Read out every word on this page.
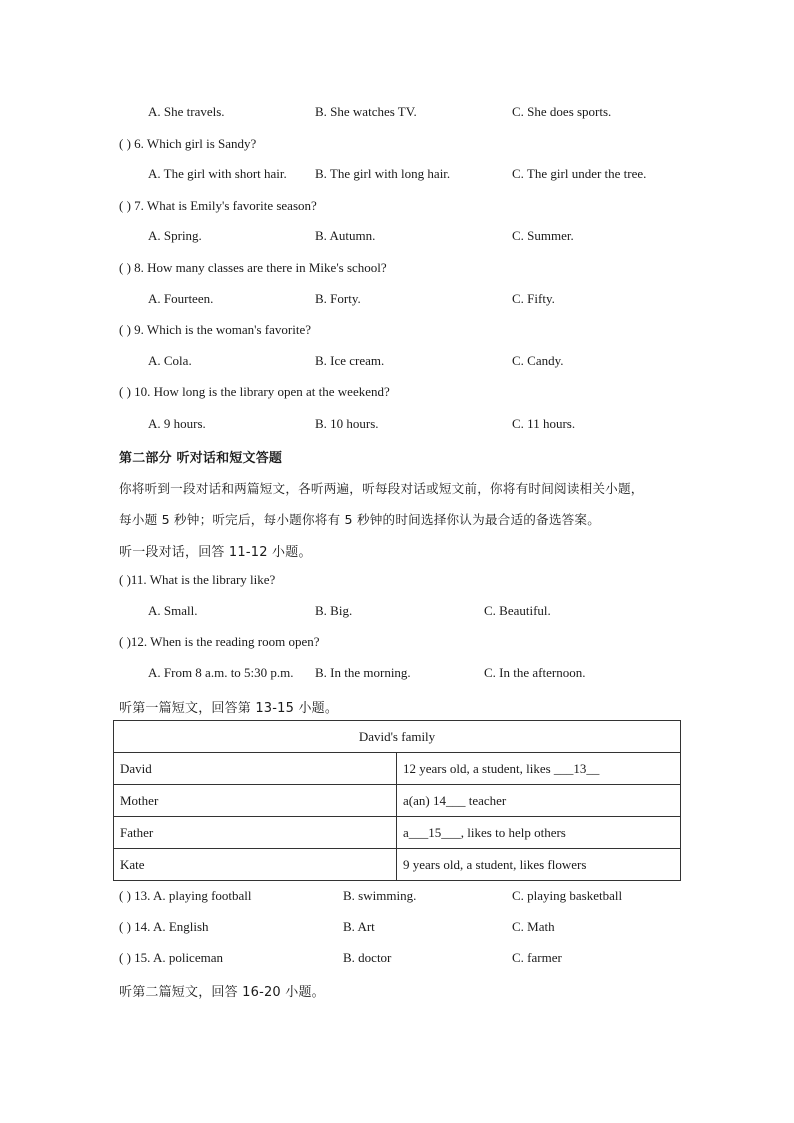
A. She travels.	B. She watches TV.	C. She does sports.
( ) 6. Which girl is Sandy?
A. The girl with short hair. B. The girl with long hair.	C. The girl under the tree.
( ) 7. What is Emily's favorite season?
A. Spring.	B. Autumn.	C. Summer.
( ) 8. How many classes are there in Mike's school?
A. Fourteen.	B. Forty.	C. Fifty.
( ) 9. Which is the woman's favorite?
A. Cola.	B. Ice cream.	C. Candy.
( ) 10. How long is the library open at the weekend?
A. 9 hours.	B. 10 hours.	C. 11 hours.
第二部分 听对话和短文答题
你将听到一段对话和两篇短文，各听两遍，听每段对话或短文前，你将有时间阅读相关小题，
每小题 5 秒钟；听完后，每小题你将有 5 秒钟的时间选择你认为最合适的备选答案。
听一段对话，回答 11-12 小题。
( )11. What is the library like?
A. Small.	B. Big.	C. Beautiful.
( )12. When is the reading room open?
A. From 8 a.m. to 5:30 p.m. B. In the morning.	C. In the afternoon.
听第一篇短文，回答第 13-15 小题。
David's family	
David	12 years old, a student, likes ___13__
Mother	a(an) 14___ teacher
Father	a___15___, likes to help others
Kate	9 years old, a student, likes flowers
( ) 13. A. playing football	B. swimming.	C. playing basketball
( ) 14. A. English	B. Art	C. Math
( ) 15. A. policeman	B. doctor	C. farmer
听第二篇短文，回答 16-20 小题。
